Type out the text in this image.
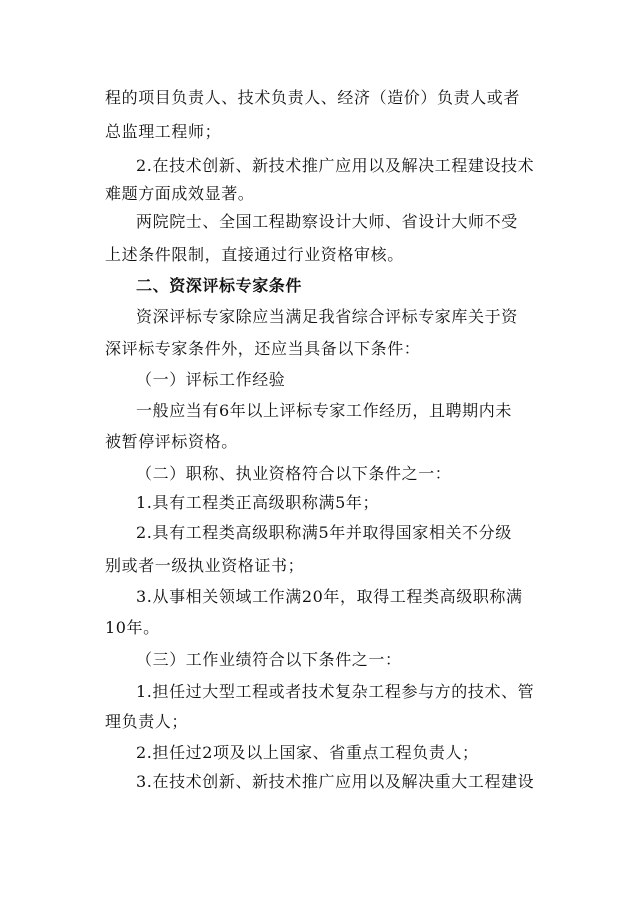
程的项目负责人、技术负责人、经济（造价）负责人或者
总监理工程师；
2.在技术创新、新技术推广应用以及解决工程建设技术
难题方面成效显著。
两院院士、全国工程勘察设计大师、省设计大师不受
上述条件限制，直接通过行业资格审核。
二、资深评标专家条件
资深评标专家除应当满足我省综合评标专家库关于资
深评标专家条件外，还应当具备以下条件：
（一）评标工作经验
一般应当有6年以上评标专家工作经历，且聘期内未
被暂停评标资格。
（二）职称、执业资格符合以下条件之一：
1.具有工程类正高级职称满5年；
2.具有工程类高级职称满5年并取得国家相关不分级
别或者一级执业资格证书；
3.从事相关领域工作满20年，取得工程类高级职称满
10年。
（三）工作业绩符合以下条件之一：
1.担任过大型工程或者技术复杂工程参与方的技术、管
理负责人；
2.担任过2项及以上国家、省重点工程负责人；
3.在技术创新、新技术推广应用以及解决重大工程建设
